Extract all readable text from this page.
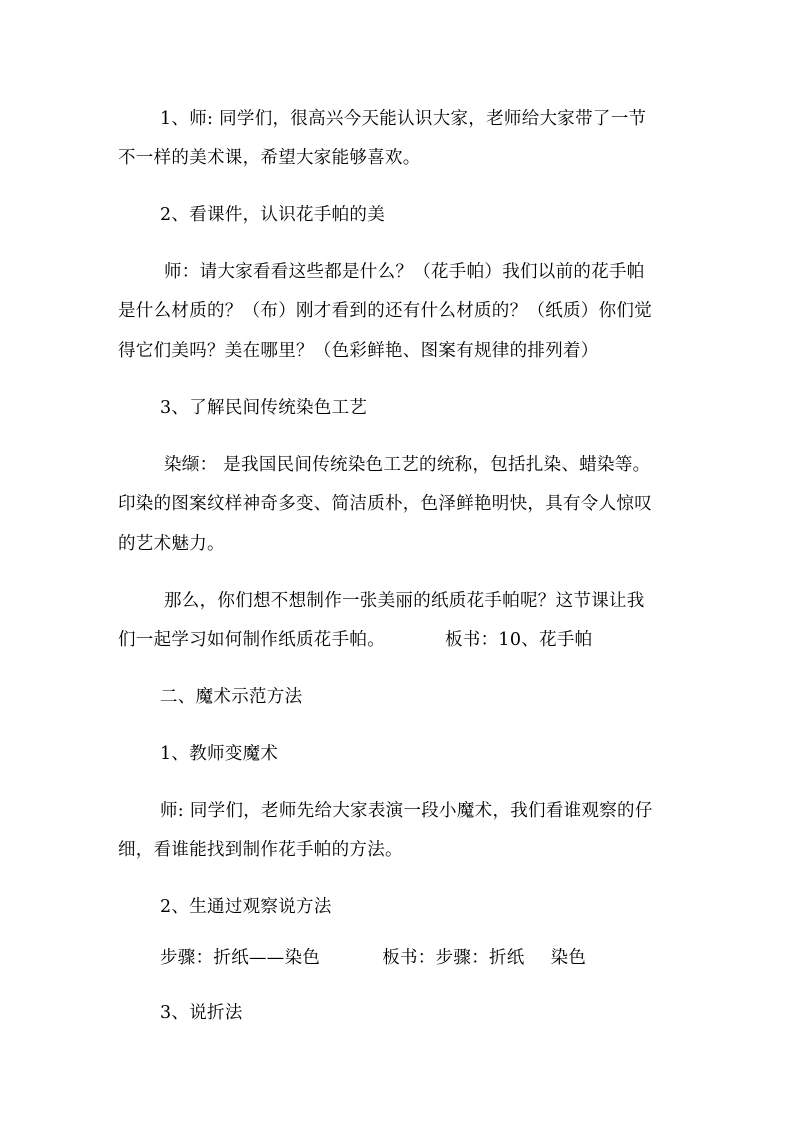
1、师: 同学们，很高兴今天能认识大家，老师给大家带了一节
不一样的美术课，希望大家能够喜欢。
2、看课件，认识花手帕的美
师：请大家看看这些都是什么？（花手帕）我们以前的花手帕
是什么材质的？（布）刚才看到的还有什么材质的？（纸质）你们觉
得它们美吗？美在哪里？（色彩鲜艳、图案有规律的排列着）
3、了解民间传统染色工艺
染缬： 是我国民间传统染色工艺的统称，包括扎染、蜡染等。
印染的图案纹样神奇多变、简洁质朴，色泽鲜艳明快，具有令人惊叹
的艺术魅力。
那么，你们想不想制作一张美丽的纸质花手帕呢？这节课让我
们一起学习如何制作纸质花手帕。	板书：10、花手帕
二、魔术示范方法
1、教师变魔术
师: 同学们，老师先给大家表演一段小魔术，我们看谁观察的仔
细，看谁能找到制作花手帕的方法。
2、生通过观察说方法
步骤：折纸——染色	板书：步骤：折纸 染色
3、说折法
